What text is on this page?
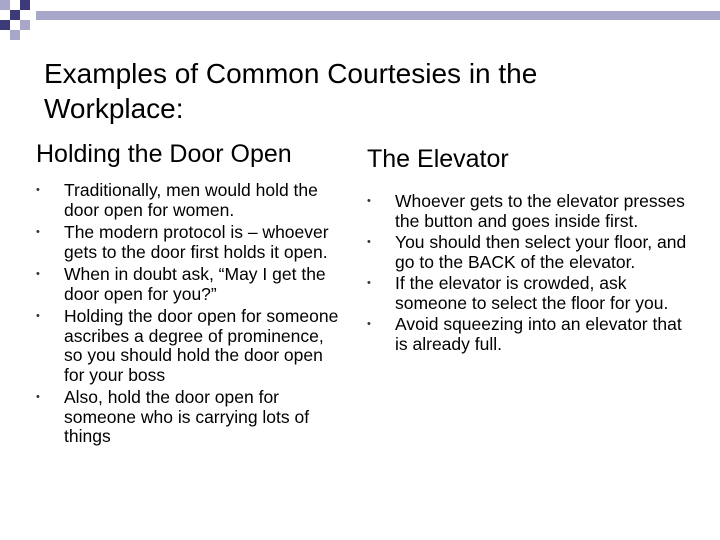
Examples of Common Courtesies in the Workplace:
Holding the Door Open
•	Traditionally, men would hold the door open for women.
•	The modern protocol is – whoever gets to the door first holds it open.
•	When in doubt ask, “May I get the door open for you?”
•	Holding the door open for someone ascribes a degree of prominence, so you should hold the door open for your boss
•	Also, hold the door open for someone who is carrying lots of things
The Elevator
•	Whoever gets to the elevator presses the button and goes inside first.
•	You should then select your floor, and go to the BACK of the elevator.
•	If the elevator is crowded, ask someone to select the floor for you.
•	Avoid squeezing into an elevator that is already full.
